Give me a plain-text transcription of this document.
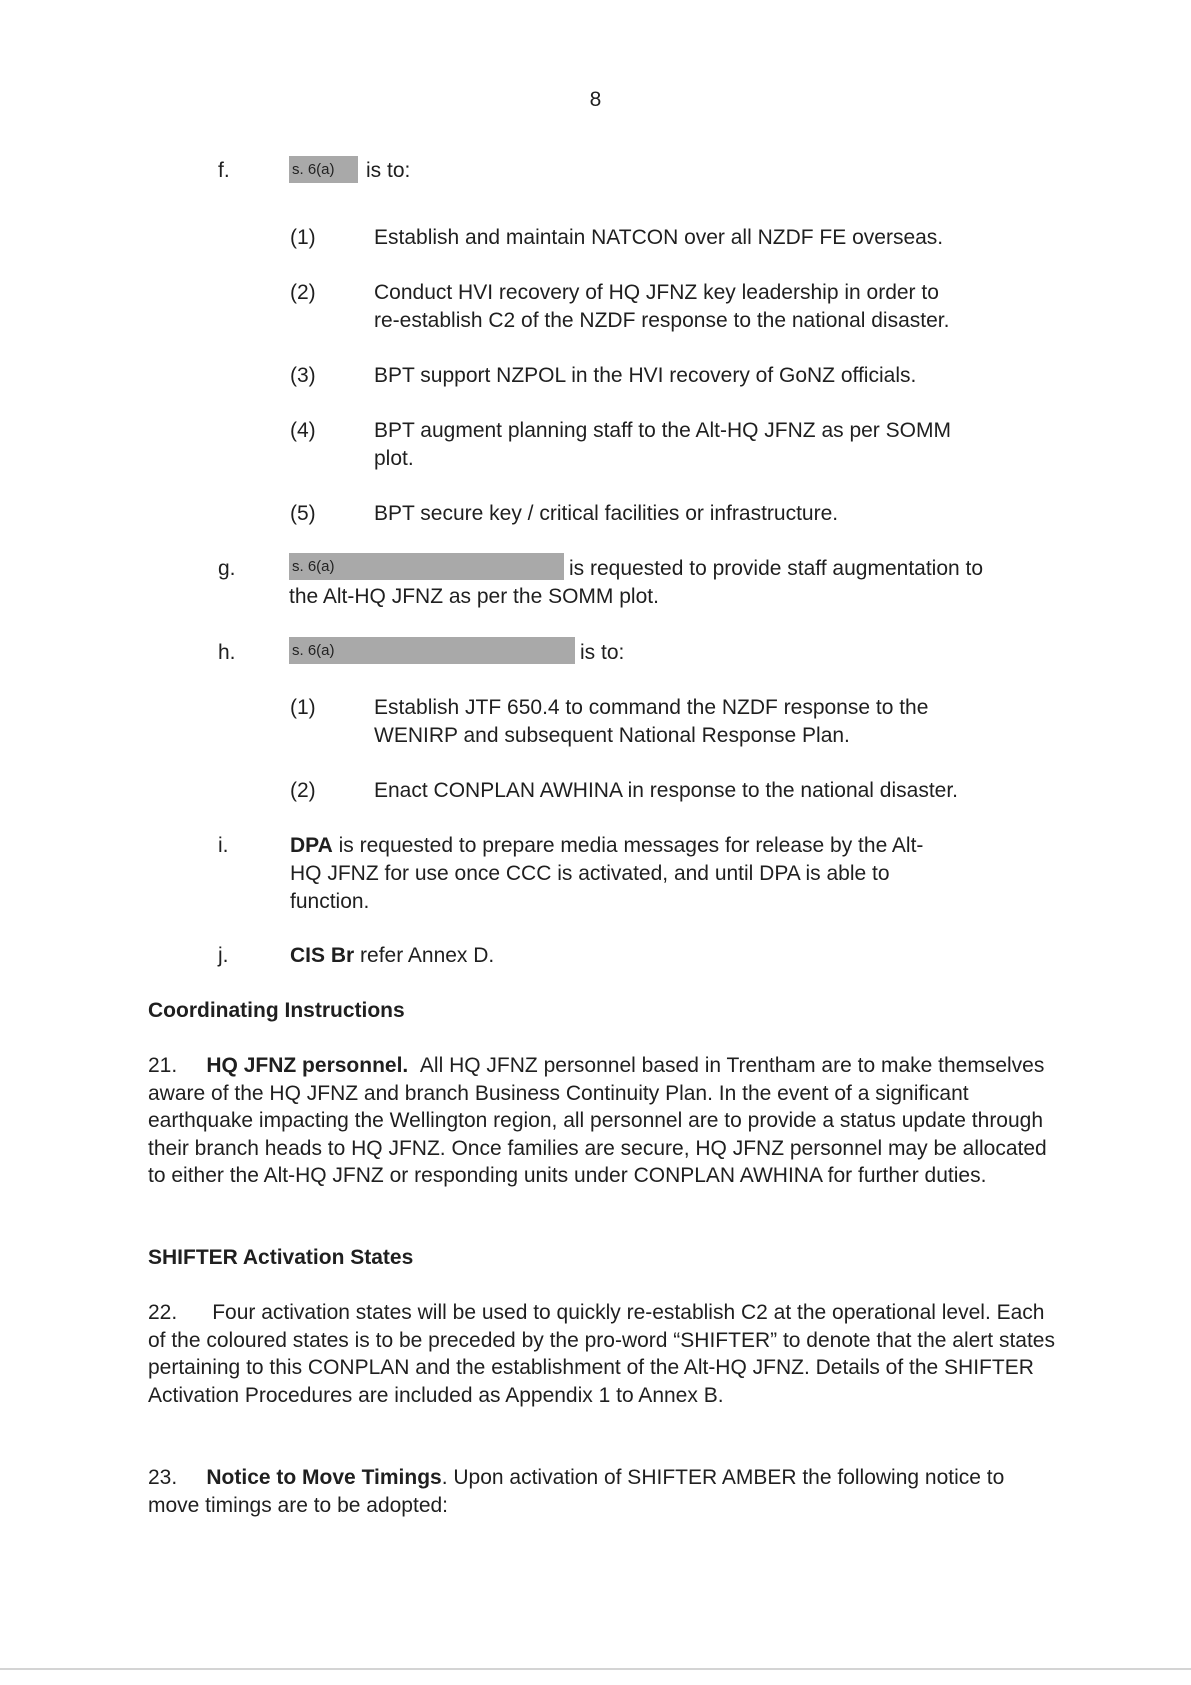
8
f.	s. 6(a)	is to:
(1)	Establish and maintain NATCON over all NZDF FE overseas.
(2)	Conduct HVI recovery of HQ JFNZ key leadership in order to
re-establish C2 of the NZDF response to the national disaster.
(3)	BPT support NZPOL in the HVI recovery of GoNZ officials.
(4)	BPT augment planning staff to the Alt-HQ JFNZ as per SOMM
plot.
(5)	BPT secure key / critical facilities or infrastructure.
g.	s. 6(a)	is requested to provide staff augmentation to
the Alt-HQ JFNZ as per the SOMM plot.
h.	s. 6(a)	is to:
(1)	Establish JTF 650.4 to command the NZDF response to the
WENIRP and subsequent National Response Plan.
(2)	Enact CONPLAN AWHINA in response to the national disaster.
i.	DPA is requested to prepare media messages for release by the Alt-
HQ JFNZ for use once CCC is activated, and until DPA is able to
function.
j.	CIS Br refer Annex D.
Coordinating Instructions
21. HQ JFNZ personnel. All HQ JFNZ personnel based in Trentham are to make themselves aware of the HQ JFNZ and branch Business Continuity Plan. In the event of a significant earthquake impacting the Wellington region, all personnel are to provide a status update through their branch heads to HQ JFNZ. Once families are secure, HQ JFNZ personnel may be allocated to either the Alt-HQ JFNZ or responding units under CONPLAN AWHINA for further duties.
SHIFTER Activation States
22. Four activation states will be used to quickly re-establish C2 at the operational level. Each of the coloured states is to be preceded by the pro-word “SHIFTER” to denote that the alert states pertaining to this CONPLAN and the establishment of the Alt-HQ JFNZ. Details of the SHIFTER Activation Procedures are included as Appendix 1 to Annex B.
23. Notice to Move Timings. Upon activation of SHIFTER AMBER the following notice to move timings are to be adopted:
